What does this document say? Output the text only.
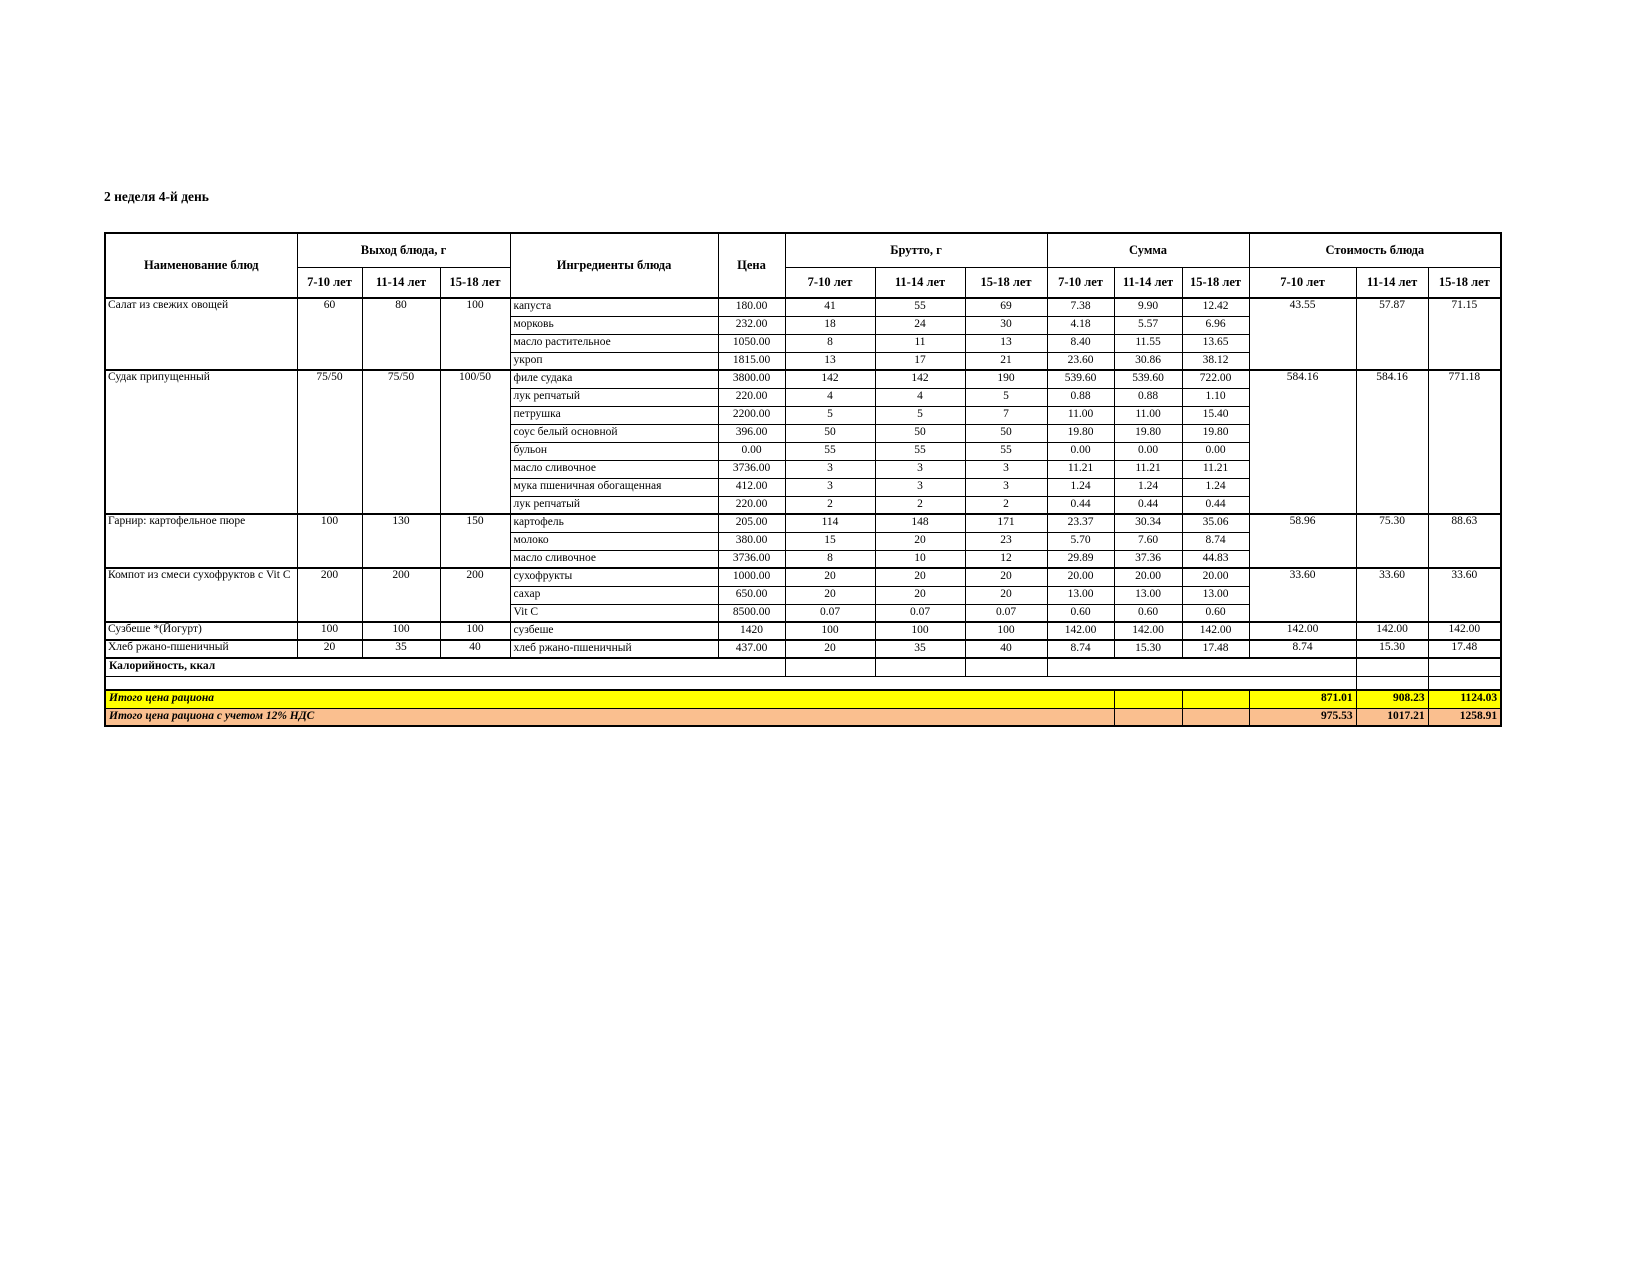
2 неделя 4-й день
Наименование блюд	Выход блюда, г			Ингредиенты блюда	Цена	Брутто, г			Сумма			Стоимость блюда		
	7-10 лет	11-14 лет	15-18 лет			7-10 лет	11-14 лет	15-18 лет	7-10 лет	11-14 лет	15-18 лет	7-10 лет	11-14 лет	15-18 лет
Салат из свежих овощей	60	80	100	капуста	180.00	41	55	69	7.38	9.90	12.42	43.55	57.87	71.15
				морковь	232.00	18	24	30	4.18	5.57	6.96			
				масло растительное	1050.00	8	11	13	8.40	11.55	13.65			
				укроп	1815.00	13	17	21	23.60	30.86	38.12			
Судак припущенный	75/50	75/50	100/50	филе судака	3800.00	142	142	190	539.60	539.60	722.00	584.16	584.16	771.18
				лук репчатый	220.00	4	4	5	0.88	0.88	1.10			
				петрушка	2200.00	5	5	7	11.00	11.00	15.40			
				соус белый основной	396.00	50	50	50	19.80	19.80	19.80			
				бульон	0.00	55	55	55	0.00	0.00	0.00			
				масло сливочное	3736.00	3	3	3	11.21	11.21	11.21			
				мука пшеничная обогащенная	412.00	3	3	3	1.24	1.24	1.24			
				лук репчатый	220.00	2	2	2	0.44	0.44	0.44			
Гарнир: картофельное пюре	100	130	150	картофель	205.00	114	148	171	23.37	30.34	35.06	58.96	75.30	88.63
				молоко	380.00	15	20	23	5.70	7.60	8.74			
				масло сливочное	3736.00	8	10	12	29.89	37.36	44.83			
Компот из смеси сухофруктов с Vit C	200	200	200	сухофрукты	1000.00	20	20	20	20.00	20.00	20.00	33.60	33.60	33.60
				сахар	650.00	20	20	20	13.00	13.00	13.00			
				Vit C	8500.00	0.07	0.07	0.07	0.60	0.60	0.60			
Сузбеше *(Йогурт)	100	100	100	сузбеше	1420	100	100	100	142.00	142.00	142.00	142.00	142.00	142.00
Хлеб ржано-пшеничный	20	35	40	хлеб ржано-пшеничный	437.00	20	35	40	8.74	15.30	17.48	8.74	15.30	17.48
Калорийность, ккал														

Итого цена рациона												871.01	908.23	1124.03
Итого цена рациона с учетом 12% НДС												975.53	1017.21	1258.91
